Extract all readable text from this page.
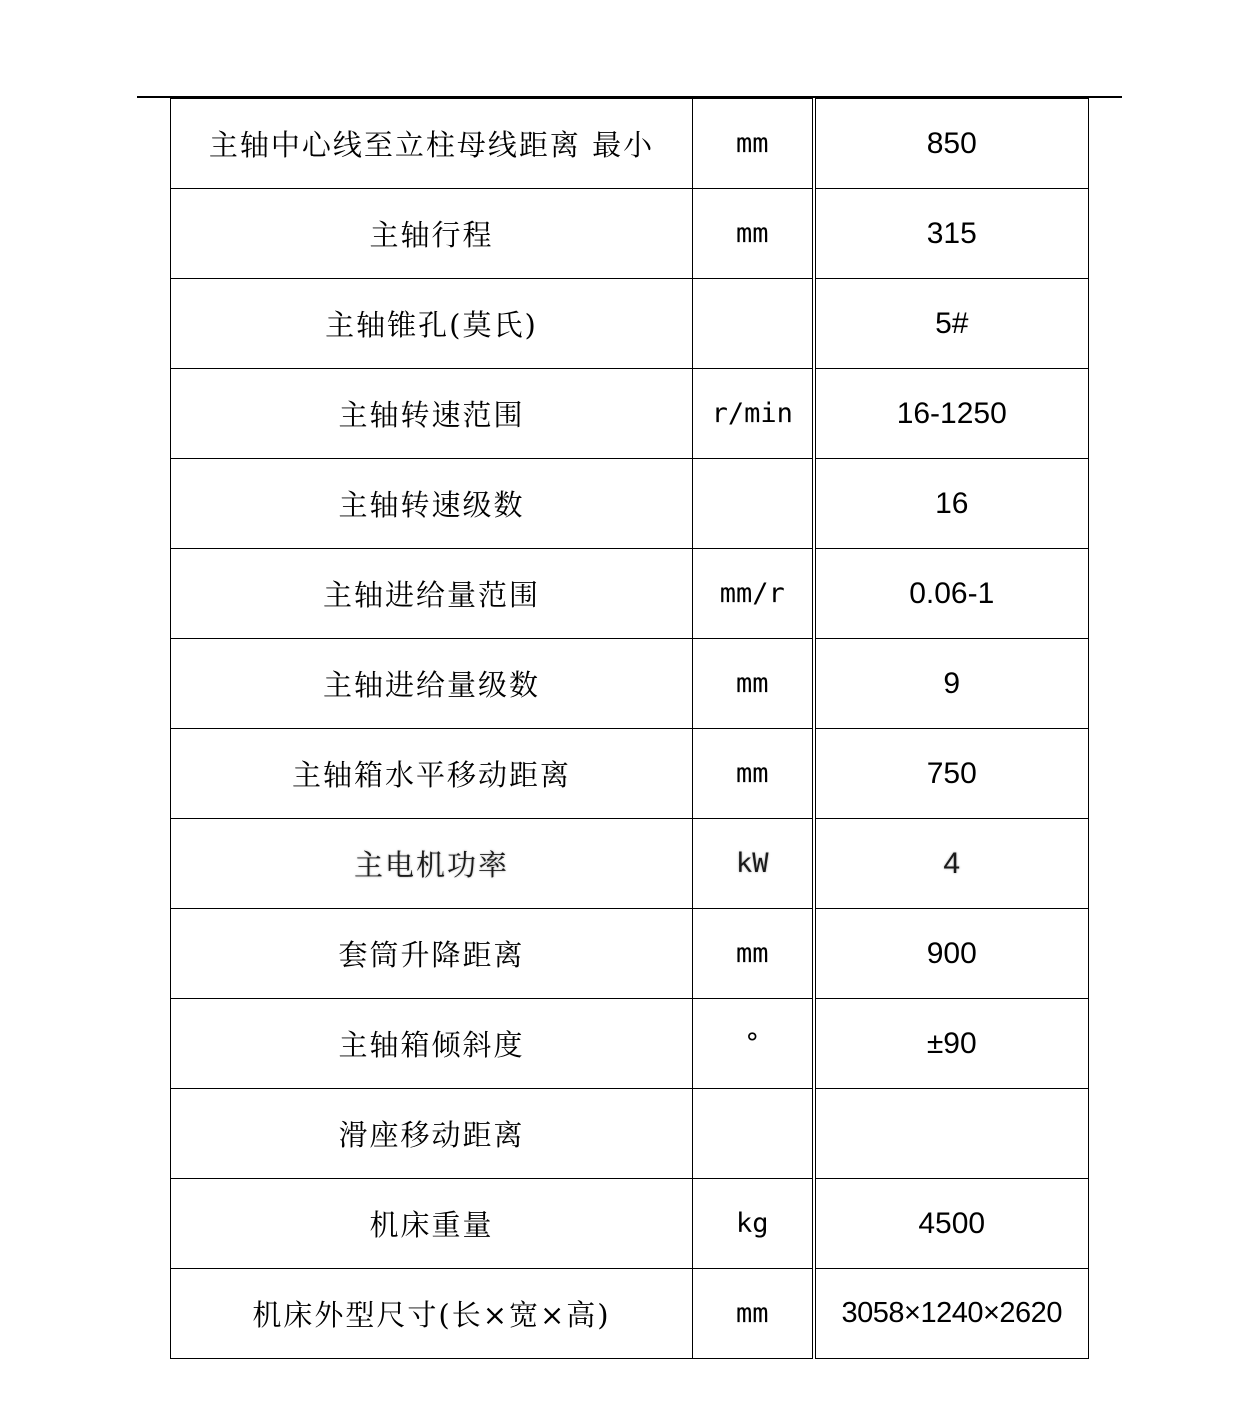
主轴中心线至立柱母线距离 最小	mm	850
主轴行程	mm	315
主轴锥孔(莫氏)		5#
主轴转速范围	r/min	16-1250
主轴转速级数		16
主轴进给量范围	mm/r	0.06-1
主轴进给量级数	mm	9
主轴箱水平移动距离	mm	750
主电机功率	kW	4
套筒升降距离	mm	900
主轴箱倾斜度	°	±90
滑座移动距离		
机床重量	kg	4500
机床外型尺寸(长×宽×高)	mm	3058×1240×2620
